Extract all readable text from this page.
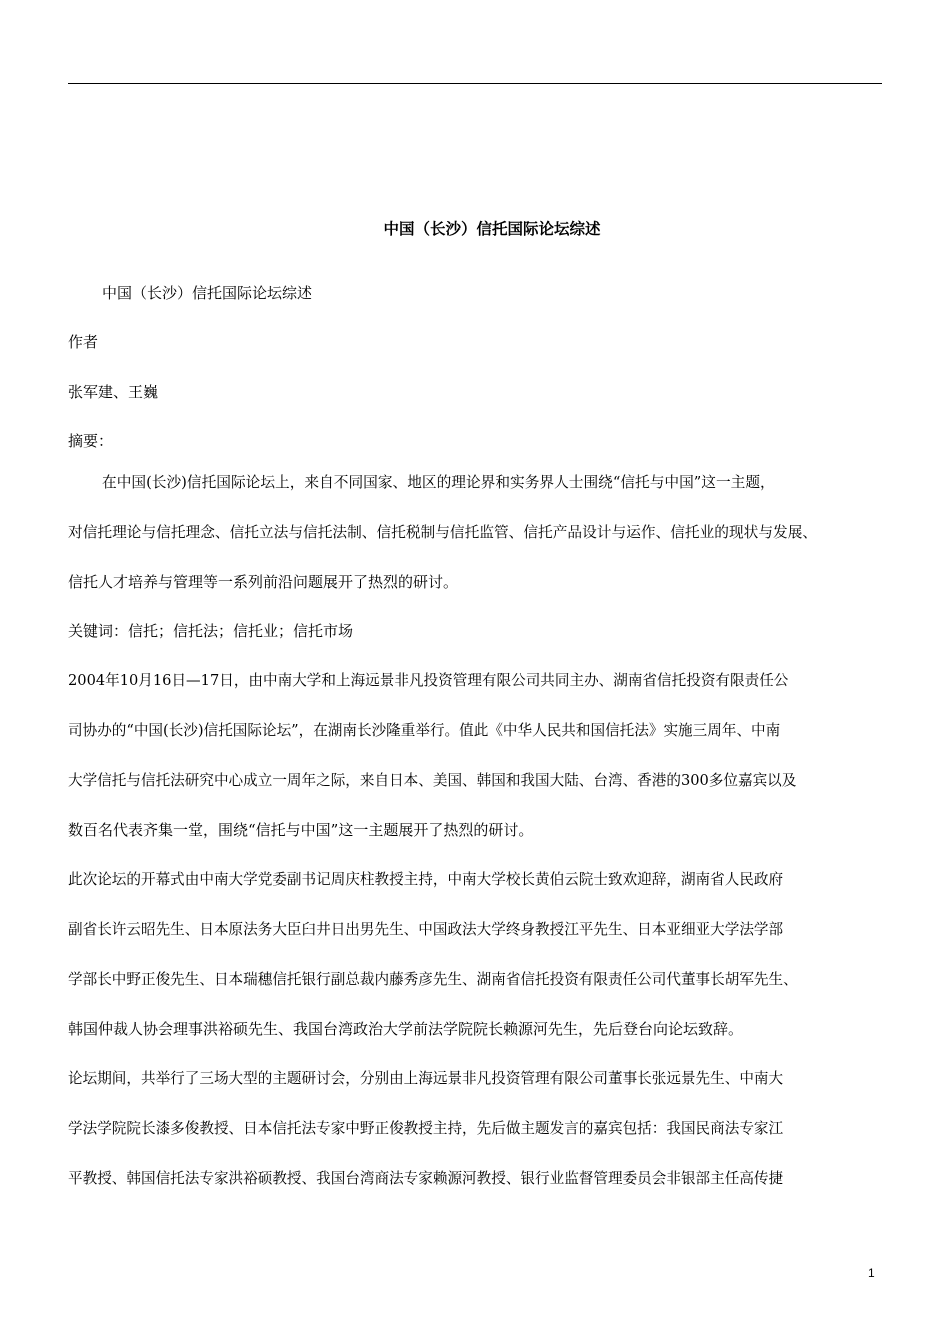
中国（长沙）信托国际论坛综述
中国（长沙）信托国际论坛综述
作者
张军建、王巍
摘要：
在中国(长沙)信托国际论坛上，来自不同国家、地区的理论界和实务界人士围绕“信托与中国”这一主题，
对信托理论与信托理念、信托立法与信托法制、信托税制与信托监管、信托产品设计与运作、信托业的现状与发展、
信托人才培养与管理等一系列前沿问题展开了热烈的研讨。
关键词：信托；信托法；信托业；信托市场
2004年10月16日—17日，由中南大学和上海远景非凡投资管理有限公司共同主办、湖南省信托投资有限责任公
司协办的“中国(长沙)信托国际论坛”，在湖南长沙隆重举行。值此《中华人民共和国信托法》实施三周年、中南
大学信托与信托法研究中心成立一周年之际，来自日本、美国、韩国和我国大陆、台湾、香港的300多位嘉宾以及
数百名代表齐集一堂，围绕“信托与中国”这一主题展开了热烈的研讨。
此次论坛的开幕式由中南大学党委副书记周庆柱教授主持，中南大学校长黄伯云院士致欢迎辞，湖南省人民政府
副省长许云昭先生、日本原法务大臣臼井日出男先生、中国政法大学终身教授江平先生、日本亚细亚大学法学部
学部长中野正俊先生、日本瑞穗信托银行副总裁内藤秀彦先生、湖南省信托投资有限责任公司代董事长胡军先生、
韩国仲裁人协会理事洪裕硕先生、我国台湾政治大学前法学院院长赖源河先生，先后登台向论坛致辞。
论坛期间，共举行了三场大型的主题研讨会，分别由上海远景非凡投资管理有限公司董事长张远景先生、中南大
学法学院院长漆多俊教授、日本信托法专家中野正俊教授主持，先后做主题发言的嘉宾包括：我国民商法专家江
平教授、韩国信托法专家洪裕硕教授、我国台湾商法专家赖源河教授、银行业监督管理委员会非银部主任高传捷
1
